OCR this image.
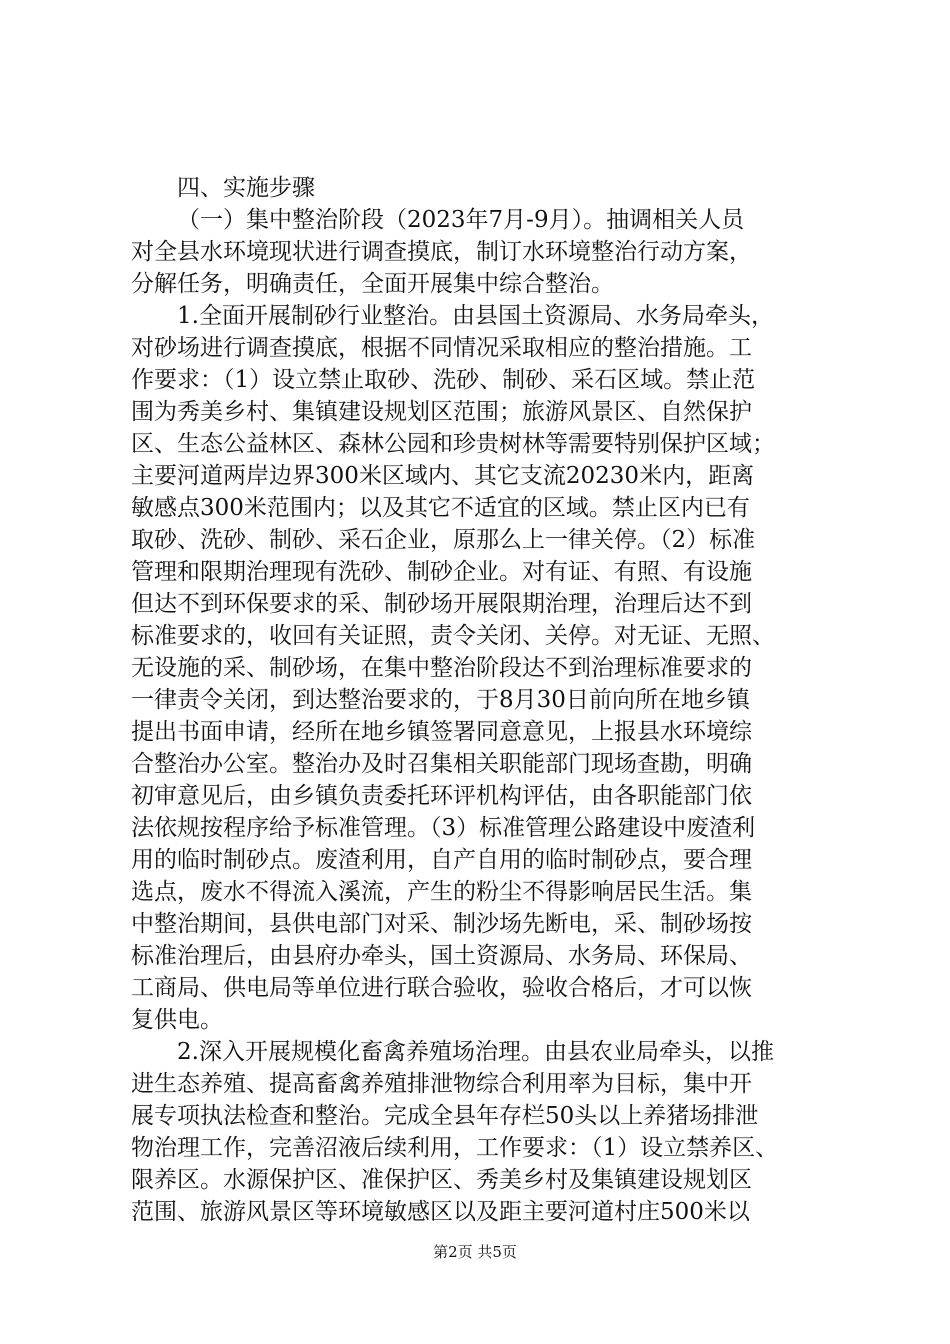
四、实施步骤
（一）集中整治阶段（2023年7月-9月）。抽调相关人员
对全县水环境现状进行调查摸底，制订水环境整治行动方案，
分解任务，明确责任，全面开展集中综合整治。
1.全面开展制砂行业整治。由县国土资源局、水务局牵头，
对砂场进行调查摸底，根据不同情况采取相应的整治措施。工
作要求：（1）设立禁止取砂、洗砂、制砂、采石区域。禁止范
围为秀美乡村、集镇建设规划区范围；旅游风景区、自然保护
区、生态公益林区、森林公园和珍贵树林等需要特别保护区域；
主要河道两岸边界300米区域内、其它支流20230米内，距离
敏感点300米范围内；以及其它不适宜的区域。禁止区内已有
取砂、洗砂、制砂、采石企业，原那么上一律关停。（2）标准
管理和限期治理现有洗砂、制砂企业。对有证、有照、有设施
但达不到环保要求的采、制砂场开展限期治理，治理后达不到
标准要求的，收回有关证照，责令关闭、关停。对无证、无照、
无设施的采、制砂场，在集中整治阶段达不到治理标准要求的
一律责令关闭，到达整治要求的，于8月30日前向所在地乡镇
提出书面申请，经所在地乡镇签署同意意见，上报县水环境综
合整治办公室。整治办及时召集相关职能部门现场查勘，明确
初审意见后，由乡镇负责委托环评机构评估，由各职能部门依
法依规按程序给予标准管理。（3）标准管理公路建设中废渣利
用的临时制砂点。废渣利用，自产自用的临时制砂点，要合理
选点，废水不得流入溪流，产生的粉尘不得影响居民生活。集
中整治期间，县供电部门对采、制沙场先断电，采、制砂场按
标准治理后，由县府办牵头，国土资源局、水务局、环保局、
工商局、供电局等单位进行联合验收，验收合格后，才可以恢
复供电。
2.深入开展规模化畜禽养殖场治理。由县农业局牵头，以推
进生态养殖、提高畜禽养殖排泄物综合利用率为目标，集中开
展专项执法检查和整治。完成全县年存栏50头以上养猪场排泄
物治理工作，完善沼液后续利用，工作要求：（1）设立禁养区、
限养区。水源保护区、准保护区、秀美乡村及集镇建设规划区
范围、旅游风景区等环境敏感区以及距主要河道村庄500米以
第2页 共5页
